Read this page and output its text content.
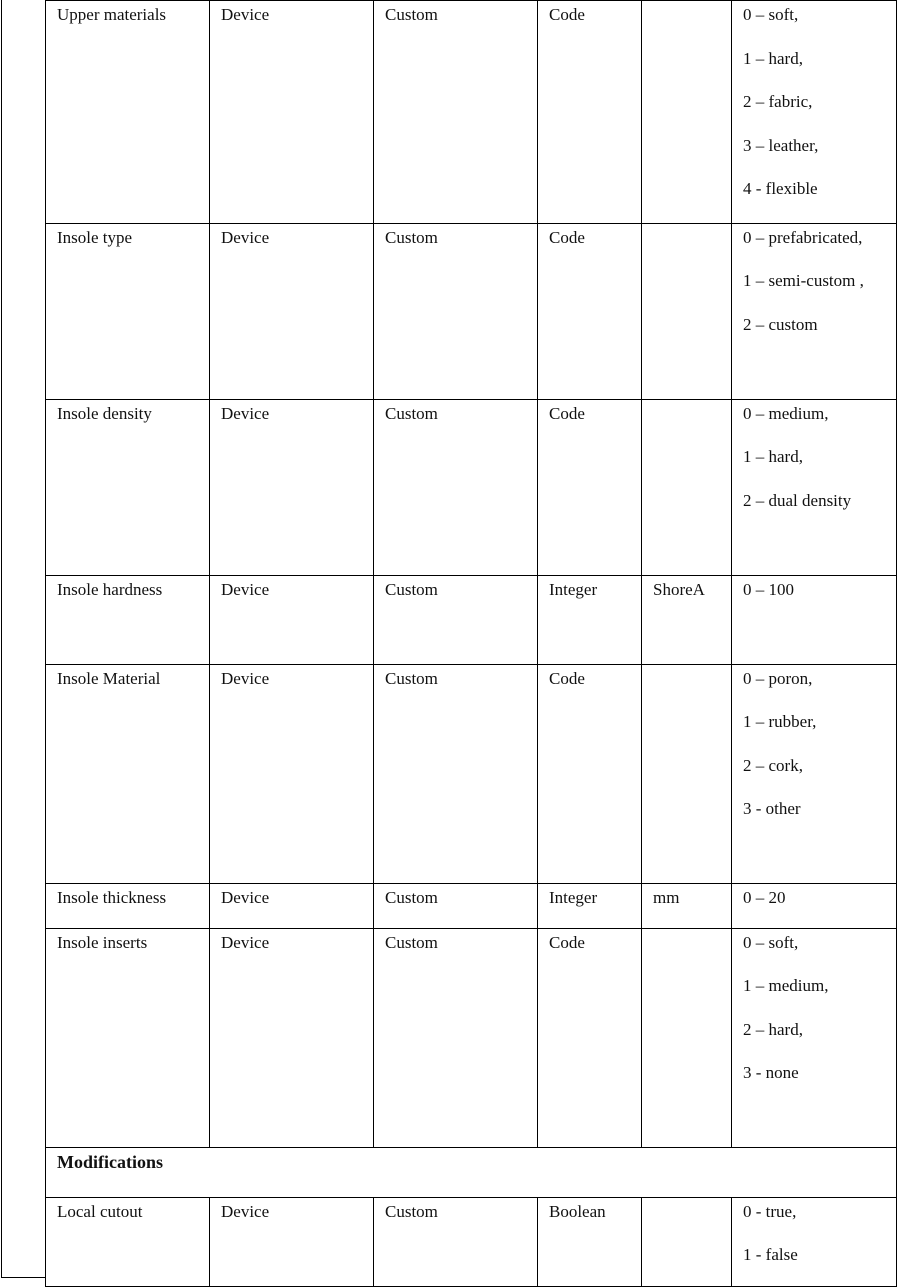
Upper materials	Device	Custom	Code		0 – soft,
1 – hard,
2 – fabric,
3 – leather,
4 - flexible

Insole type	Device	Custom	Code		0 – prefabricated,
1 – semi-custom ,
2 – custom

Insole density	Device	Custom	Code		0 – medium,
1 – hard,
2 – dual density

Insole hardness	Device	Custom	Integer	ShoreA	0 – 100

Insole Material	Device	Custom	Code		0 – poron,
1 – rubber,
2 – cork,
3 - other

Insole thickness	Device	Custom	Integer	mm	0 – 20

Insole inserts	Device	Custom	Code		0 – soft,
1 – medium,
2 – hard,
3 - none

Modifications					
Local cutout	Device	Custom	Boolean		0 - true,
1 - false
